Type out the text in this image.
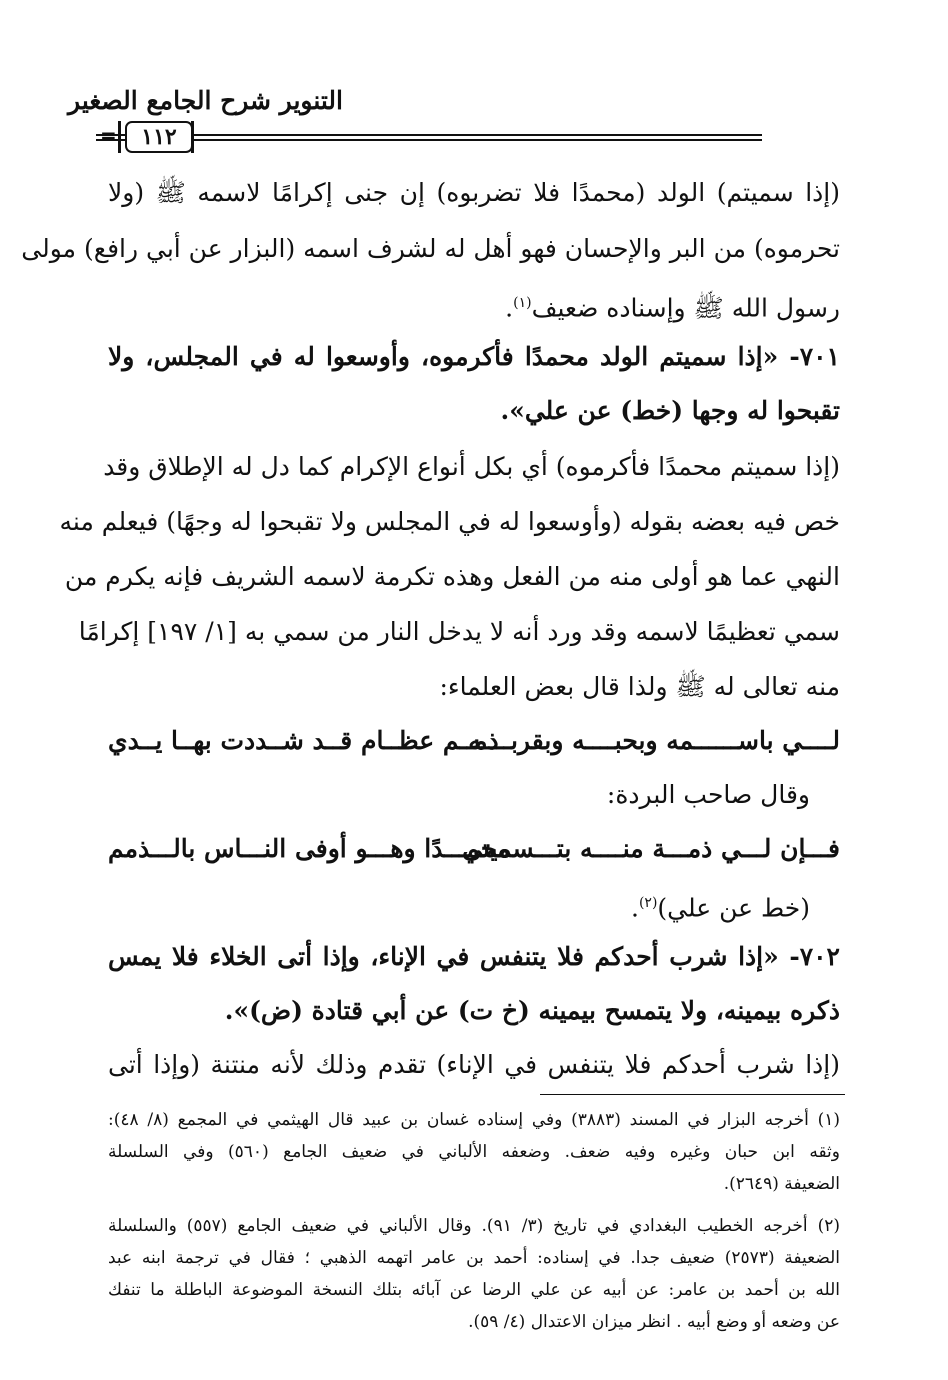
التنوير شرح الجامع الصغير
=	١١٢
(إذا سميتم) الولد (محمدًا فلا تضربوه) إن جنى إكرامًا لاسمه ﷺ (ولا
تحرموه) من البر والإحسان فهو أهل له لشرف اسمه (البزار عن أبي رافع) مولى
رسول الله ﷺ وإسناده ضعيف$^{(١)}$.
٧٠١- «إذا سميتم الولد محمدًا فأكرموه، وأوسعوا له في المجلس، ولا
تقبحوا له وجها (خط) عن علي».
(إذا سميتم محمدًا فأكرموه) أي بكل أنواع الإكرام كما دل له الإطلاق وقد
خص فيه بعضه بقوله (وأوسعوا له في المجلس ولا تقبحوا له وجهًا) فيعلم منه
النهي عما هو أولى منه من الفعل وهذه تكرمة لاسمه الشريف فإنه يكرم من
سمي تعظيمًا لاسمه وقد ورد أنه لا يدخل النار من سمي به [١/ ١٩٧] إكرامًا
منه تعالى له ﷺ ولذا قال بعض العلماء:
لــــي باســــــمه وبحبــــه وبقربــــه
ذمــم عظــام قــد شــددت بهــا يــدي
وقال صاحب البردة:
فـــإن لـــي ذمـــة منــــه بتـــسميتي
محمـــدًا وهـــو أوفى النـــاس بالـــذمم
(خط عن علي)$^{(٢)}$.
٧٠٢- «إذا شرب أحدكم فلا يتنفس في الإناء، وإذا أتى الخلاء فلا يمس
ذكره بيمينه، ولا يتمسح بيمينه (خ ت) عن أبي قتادة (ض)».
(إذا شرب أحدكم فلا يتنفس في الإناء) تقدم وذلك لأنه منتنة (وإذا أتى
(١) أخرجه البزار في المسند (٣٨٨٣) وفي إسناده غسان بن عبيد قال الهيثمي في المجمع (٨/ ٤٨):
وثقه ابن حبان وغيره وفيه ضعف. وضعفه الألباني في ضعيف الجامع (٥٦٠) وفي السلسلة
الضعيفة (٢٦٤٩).
(٢) أخرجه الخطيب البغدادي في تاريخ (٣/ ٩١). وقال الألباني في ضعيف الجامع (٥٥٧) والسلسلة
الضعيفة (٢٥٧٣) ضعيف جدا. في إسناده: أحمد بن عامر اتهمه الذهبي ؛ فقال في ترجمة ابنه عبد
الله بن أحمد بن عامر: عن أبيه عن علي الرضا عن آبائه بتلك النسخة الموضوعة الباطلة ما تنفك
عن وضعه أو وضع أبيه . انظر ميزان الاعتدال (٤/ ٥٩).
